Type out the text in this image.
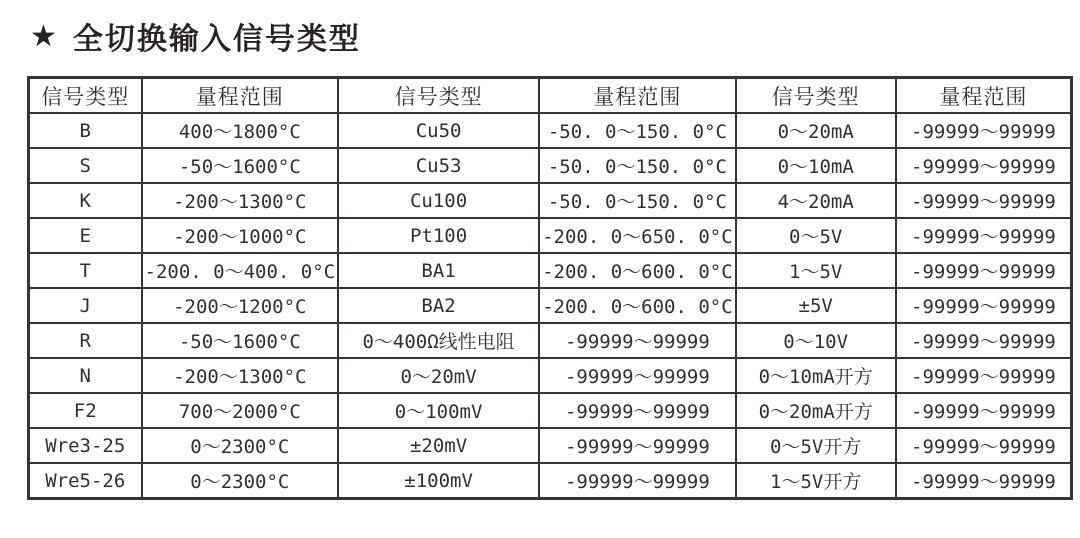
★ 全切换输入信号类型
信号类型	量程范围	信号类型	量程范围	信号类型	量程范围
B	400～1800°C	Cu50	-50. 0～150. 0°C	0～20mA	-99999～99999
S	-50～1600°C	Cu53	-50. 0～150. 0°C	0～10mA	-99999～99999
K	-200～1300°C	Cu100	-50. 0～150. 0°C	4～20mA	-99999～99999
E	-200～1000°C	Pt100	-200. 0～650. 0°C	0～5V	-99999～99999
T	-200. 0～400. 0°C	BA1	-200. 0～600. 0°C	1～5V	-99999～99999
J	-200～1200°C	BA2	-200. 0～600. 0°C	±5V	-99999～99999
R	-50～1600°C	0～400Ω线性电阻	-99999～99999	0～10V	-99999～99999
N	-200～1300°C	0～20mV	-99999～99999	0～10mA开方	-99999～99999
F2	700～2000°C	0～100mV	-99999～99999	0～20mA开方	-99999～99999
Wre3-25	0～2300°C	±20mV	-99999～99999	0～5V开方	-99999～99999
Wre5-26	0～2300°C	±100mV	-99999～99999	1～5V开方	-99999～99999
